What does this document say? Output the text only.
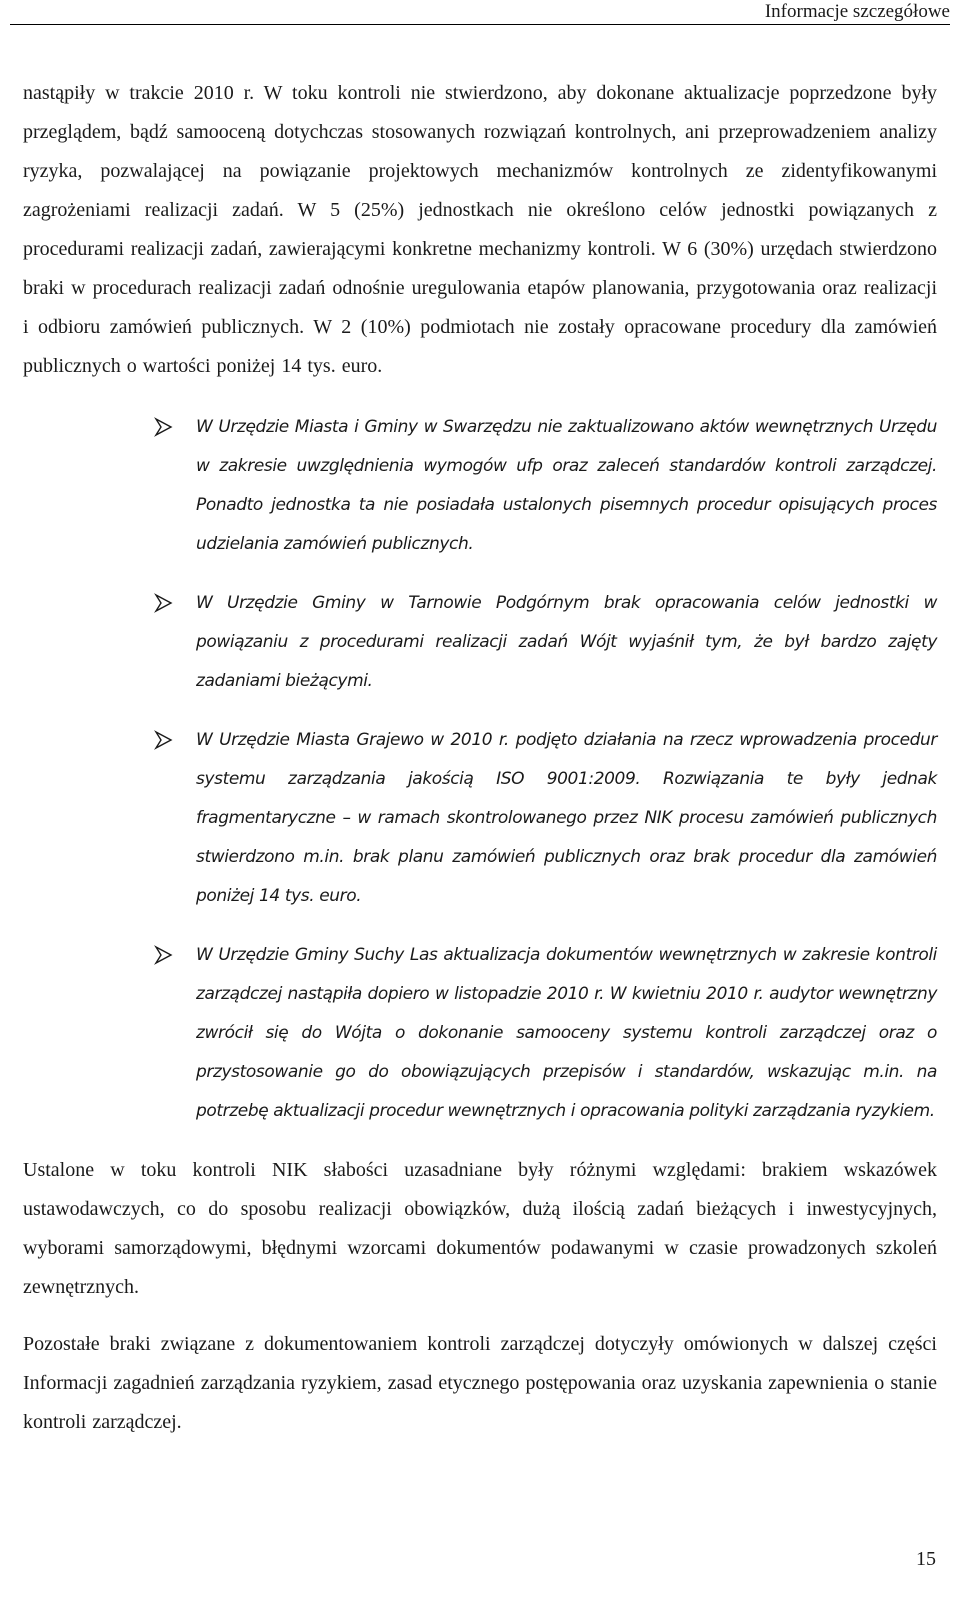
Informacje szczegółowe

nastąpiły w trakcie 2010 r. W toku kontroli nie stwierdzono, aby dokonane aktualizacje poprzedzone były przeglądem, bądź samooceną dotychczas stosowanych rozwiązań kontrolnych, ani przeprowadzeniem analizy ryzyka, pozwalającej na powiązanie projektowych mechanizmów kontrolnych ze zidentyfikowanymi zagrożeniami realizacji zadań. W 5 (25%) jednostkach nie określono celów jednostki powiązanych z procedurami realizacji zadań, zawierającymi konkretne mechanizmy kontroli. W 6 (30%) urzędach stwierdzono braki w procedurach realizacji zadań odnośnie uregulowania etapów planowania, przygotowania oraz realizacji i odbioru zamówień publicznych. W 2 (10%) podmiotach nie zostały opracowane procedury dla zamówień publicznych o wartości poniżej 14 tys. euro.

W Urzędzie Miasta i Gminy w Swarzędzu nie zaktualizowano aktów wewnętrznych Urzędu w zakresie uwzględnienia wymogów ufp oraz zaleceń standardów kontroli zarządczej. Ponadto jednostka ta nie posiadała ustalonych pisemnych procedur opisujących proces udzielania zamówień publicznych.

W Urzędzie Gminy w Tarnowie Podgórnym brak opracowania celów jednostki w powiązaniu z procedurami realizacji zadań Wójt wyjaśnił tym, że był bardzo zajęty zadaniami bieżącymi.

W Urzędzie Miasta Grajewo w 2010 r. podjęto działania na rzecz wprowadzenia procedur systemu zarządzania jakością ISO 9001:2009. Rozwiązania te były jednak fragmentaryczne – w ramach skontrolowanego przez NIK procesu zamówień publicznych stwierdzono m.in. brak planu zamówień publicznych oraz brak procedur dla zamówień poniżej 14 tys. euro.

W Urzędzie Gminy Suchy Las aktualizacja dokumentów wewnętrznych w zakresie kontroli zarządczej nastąpiła dopiero w listopadzie 2010 r. W kwietniu 2010 r. audytor wewnętrzny zwrócił się do Wójta o dokonanie samooceny systemu kontroli zarządczej oraz o przystosowanie go do obowiązujących przepisów i standardów, wskazując m.in. na potrzebę aktualizacji procedur wewnętrznych i opracowania polityki zarządzania ryzykiem.

Ustalone w toku kontroli NIK słabości uzasadniane były różnymi względami: brakiem wskazówek ustawodawczych, co do sposobu realizacji obowiązków, dużą ilością zadań bieżących i inwestycyjnych, wyborami samorządowymi, błędnymi wzorcami dokumentów podawanymi w czasie prowadzonych szkoleń zewnętrznych.

Pozostałe braki związane z dokumentowaniem kontroli zarządczej dotyczyły omówionych w dalszej części Informacji zagadnień zarządzania ryzykiem, zasad etycznego postępowania oraz uzyskania zapewnienia o stanie kontroli zarządczej.

15
